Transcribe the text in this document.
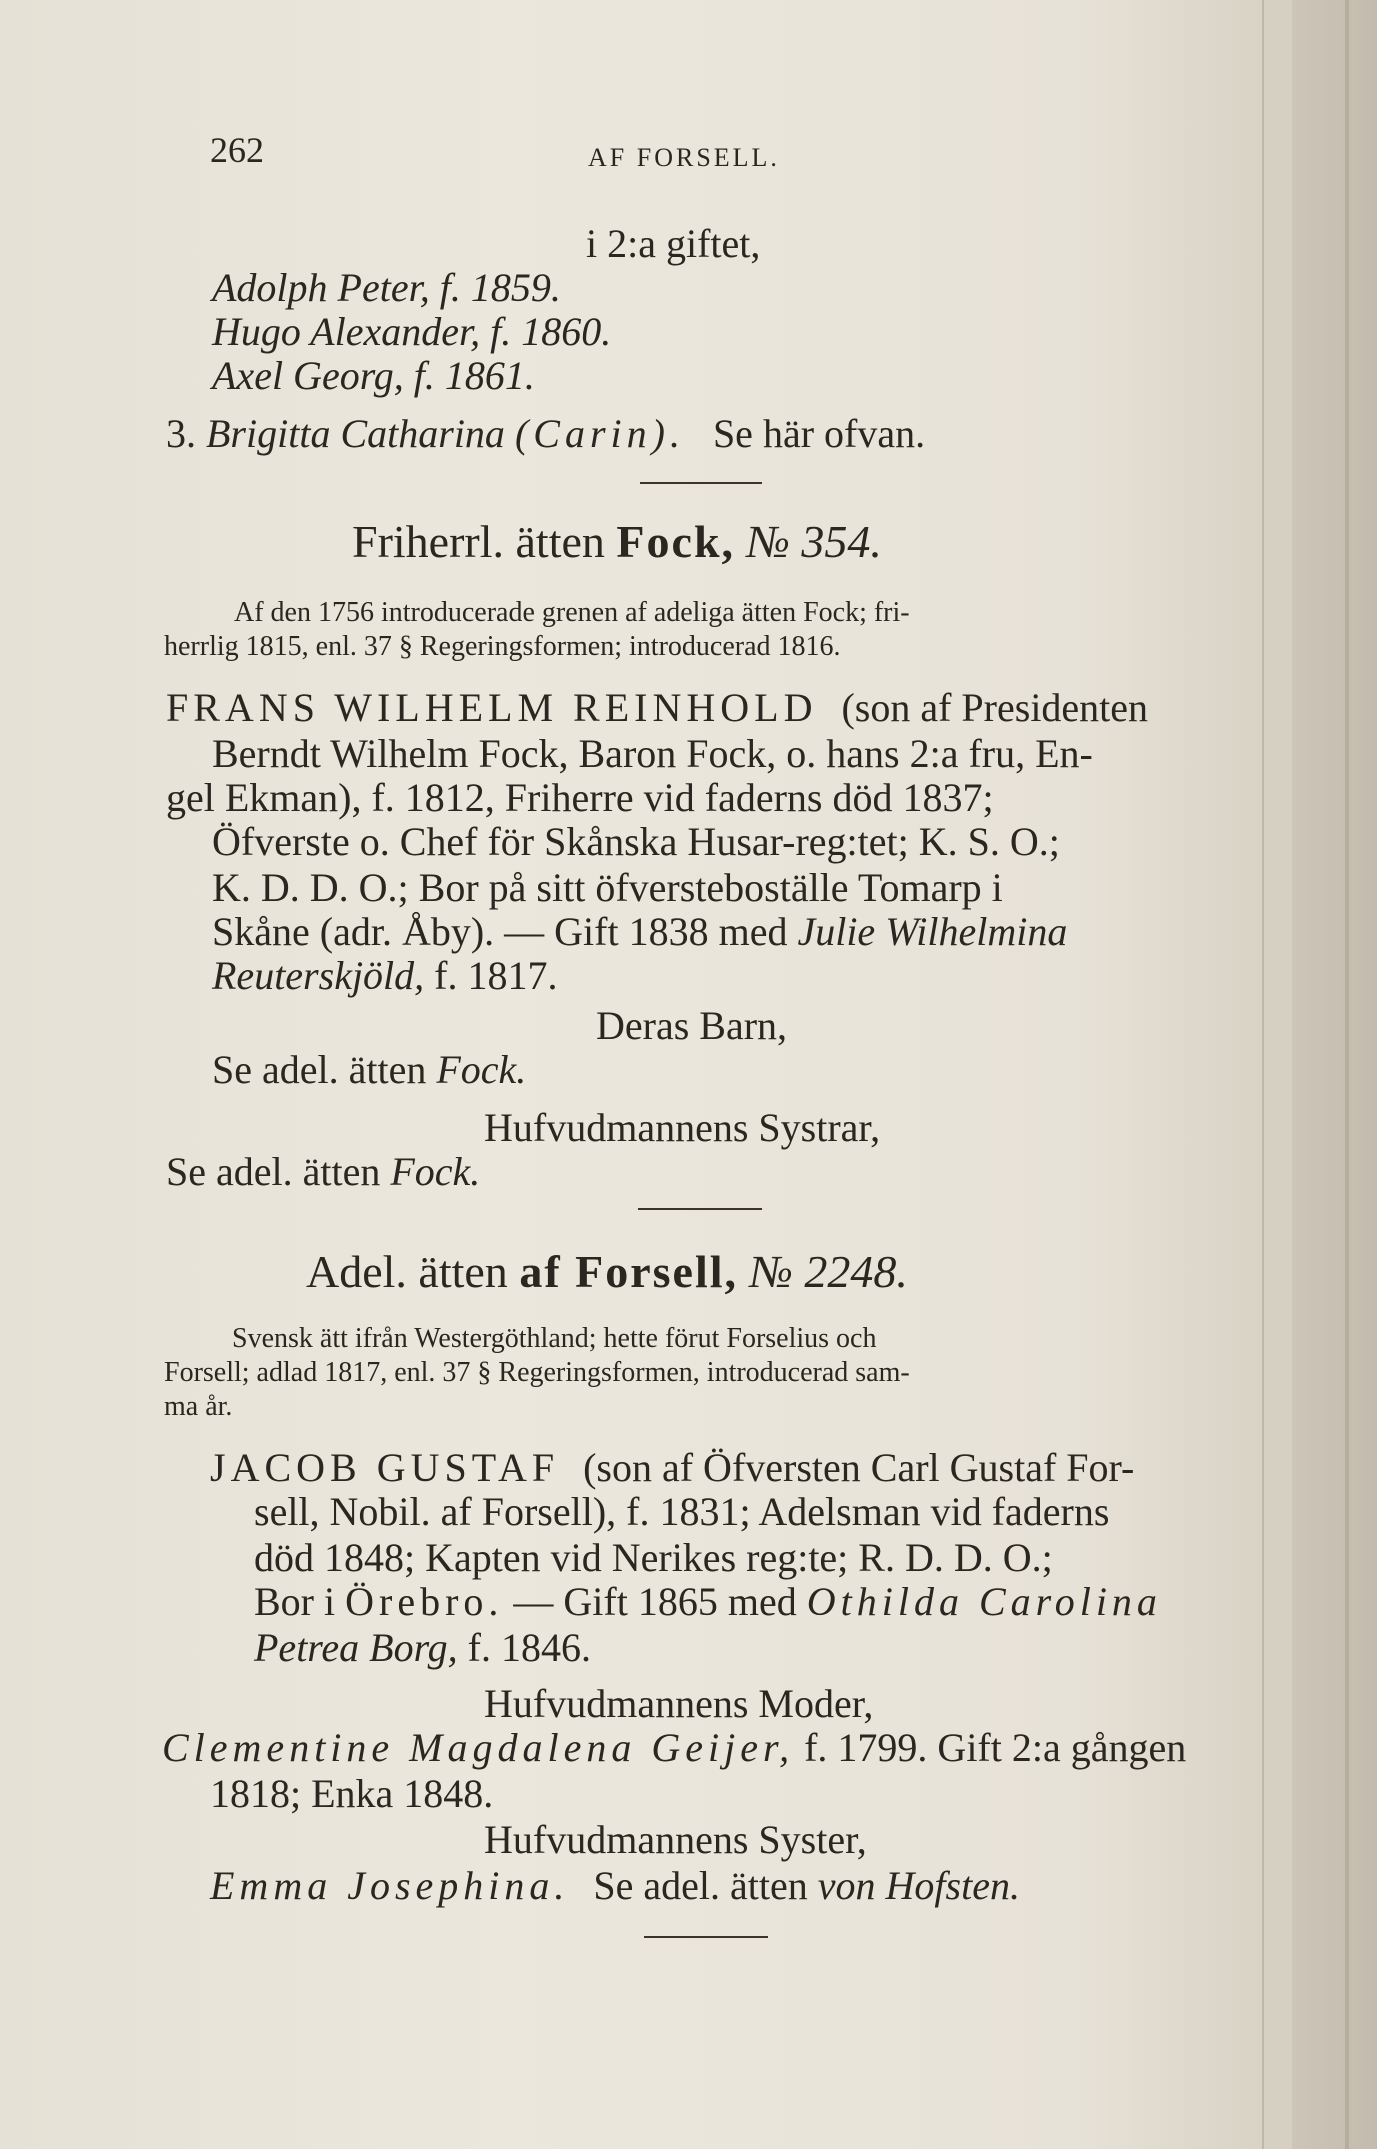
262	AF FORSELL.
i 2:a giftet,
Adolph Peter, f. 1859.
Hugo Alexander, f. 1860.
Axel Georg, f. 1861.
3. Brigitta Catharina (Carin). Se här ofvan.
Friherrl. ätten Fock, № 354.
Af den 1756 introducerade grenen af adeliga ätten Fock; fri-
herrlig 1815, enl. 37 § Regeringsformen; introducerad 1816.
FRANS WILHELM REINHOLD (son af Presidenten
Berndt Wilhelm Fock, Baron Fock, o. hans 2:a fru, En-
gel Ekman), f. 1812, Friherre vid faderns död 1837;
Öfverste o. Chef för Skånska Husar-reg:tet; K. S. O.;
K. D. D. O.; Bor på sitt öfversteboställe Tomarp i
Skåne (adr. Åby). — Gift 1838 med Julie Wilhelmina
Reuterskjöld, f. 1817.
Deras Barn,
Se adel. ätten Fock.
Hufvudmannens Systrar,
Se adel. ätten Fock.
Adel. ätten af Forsell, № 2248.
Svensk ätt ifrån Westergöthland; hette förut Forselius och
Forsell; adlad 1817, enl. 37 § Regeringsformen, introducerad sam-
ma år.
JACOB GUSTAF (son af Öfversten Carl Gustaf For-
sell, Nobil. af Forsell), f. 1831; Adelsman vid faderns
död 1848; Kapten vid Nerikes reg:te; R. D. D. O.;
Bor i Örebro. — Gift 1865 med Othilda Carolina
Petrea Borg, f. 1846.
Hufvudmannens Moder,
Clementine Magdalena Geijer, f. 1799. Gift 2:a gången
1818; Enka 1848.
Hufvudmannens Syster,
Emma Josephina. Se adel. ätten von Hofsten.
